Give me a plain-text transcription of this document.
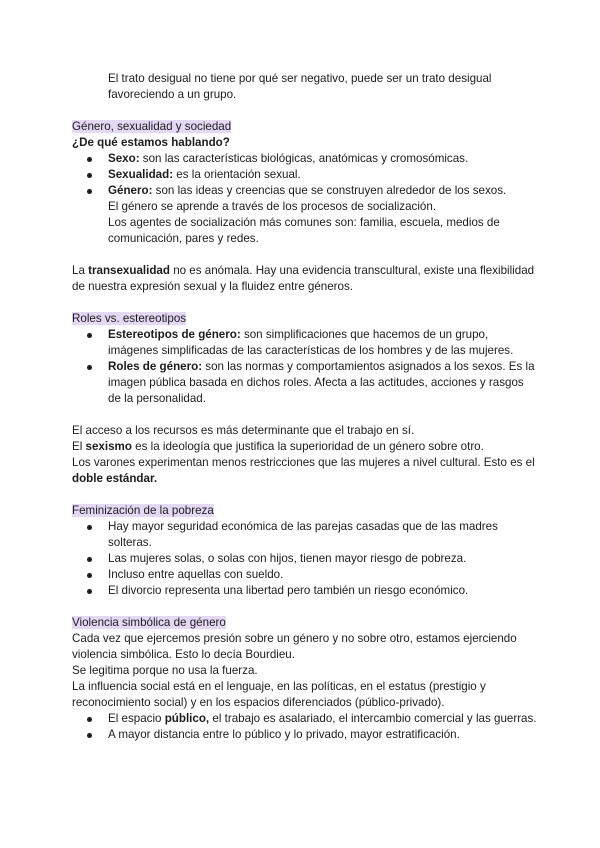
El trato desigual no tiene por qué ser negativo, puede ser un trato desigual favoreciendo a un grupo.

Género, sexualidad y sociedad

¿De qué estamos hablando?

Sexo: son las características biológicas, anatómicas y cromosómicas.
Sexualidad: es la orientación sexual.
Género: son las ideas y creencias que se construyen alrededor de los sexos.
El género se aprende a través de los procesos de socialización.
Los agentes de socialización más comunes son: familia, escuela, medios de comunicación, pares y redes.

La transexualidad no es anómala. Hay una evidencia transcultural, existe una flexibilidad de nuestra expresión sexual y la fluidez entre géneros.

Roles vs. estereotipos

Estereotipos de género: son simplificaciones que hacemos de un grupo, imágenes simplificadas de las características de los hombres y de las mujeres.
Roles de género: son las normas y comportamientos asignados a los sexos. Es la imagen pública basada en dichos roles. Afecta a las actitudes, acciones y rasgos de la personalidad.

El acceso a los recursos es más determinante que el trabajo en sí.

El sexismo es la ideología que justifica la superioridad de un género sobre otro.

Los varones experimentan menos restricciones que las mujeres a nivel cultural. Esto es el doble estándar.

Feminización de la pobreza

Hay mayor seguridad económica de las parejas casadas que de las madres solteras.
Las mujeres solas, o solas con hijos, tienen mayor riesgo de pobreza.
Incluso entre aquellas con sueldo.
El divorcio representa una libertad pero también un riesgo económico.

Violencia simbólica de género

Cada vez que ejercemos presión sobre un género y no sobre otro, estamos ejerciendo violencia simbólica. Esto lo decía Bourdieu.

Se legitima porque no usa la fuerza.

La influencia social está en el lenguaje, en las políticas, en el estatus (prestigio y reconocimiento social) y en los espacios diferenciados (público-privado).

El espacio público, el trabajo es asalariado, el intercambio comercial y las guerras.
A mayor distancia entre lo público y lo privado, mayor estratificación.
